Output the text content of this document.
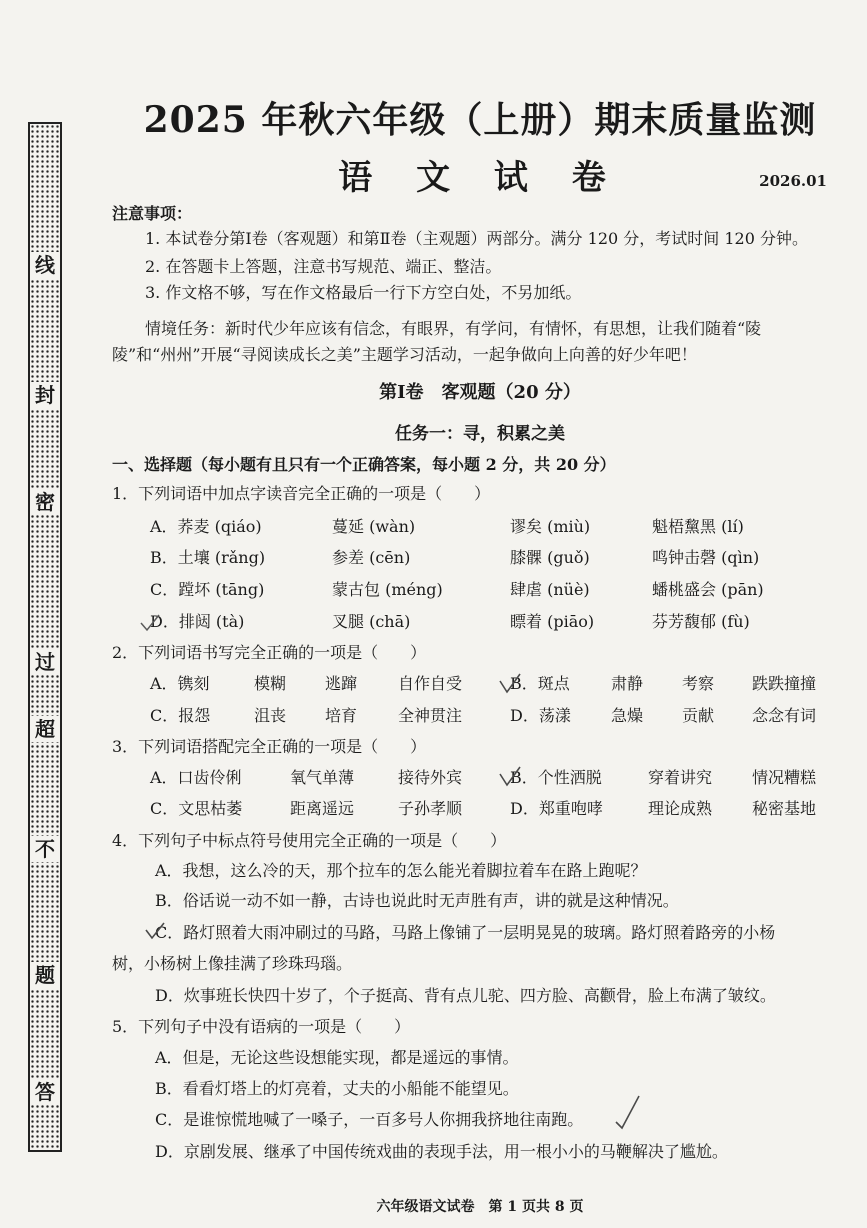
线
封
密
过
超
不
题
答
2025 年秋六年级（上册）期末质量监测
语 文 试 卷	2026.01
注意事项：
1. 本试卷分第Ⅰ卷（客观题）和第Ⅱ卷（主观题）两部分。满分 120 分，考试时间 120 分钟。
2. 在答题卡上答题，注意书写规范、端正、整洁。
3. 作文格不够，写在作文格最后一行下方空白处，不另加纸。
情境任务：新时代少年应该有信念，有眼界，有学问，有情怀，有思想，让我们随着“陵
陵”和“州州”开展“寻阅读成长之美”主题学习活动，一起争做向上向善的好少年吧！
第Ⅰ卷　客观题（20 分）
任务一：寻，积累之美
一、选择题（每小题有且只有一个正确答案，每小题 2 分，共 20 分）
1．下列词语中加点字读音完全正确的一项是（　　）
A．荞麦 (qiáo)	蔓延 (wàn)	谬矣 (miù)	魁梧黧黑 (lí)
B．土壤 (rǎng)	参差 (cēn)	膝髁 (guǒ)	鸣钟击磬 (qìn)
C．蹚坏 (tāng)	蒙古包 (méng)	肆虐 (nüè)	蟠桃盛会 (pān)
D．排闼 (tà)	叉腿 (chā)	瞟着 (piāo)	芬芳馥郁 (fù)
2．下列词语书写完全正确的一项是（　　）
A．镌刻	模糊 逃蹿	自作自受	B．斑点	肃静 考察 跌跌撞撞
C．报怨	沮丧 培育	全神贯注	D．荡漾	急燥 贡献 念念有词
3．下列词语搭配完全正确的一项是（　　）
A．口齿伶俐	氧气单薄	接待外宾	B．个性洒脱	穿着讲究 情况糟糕
C．文思枯萎	距离遥远	子孙孝顺	D．郑重咆哮	理论成熟 秘密基地
4．下列句子中标点符号使用完全正确的一项是（　　）
A．我想，这么冷的天，那个拉车的怎么能光着脚拉着车在路上跑呢？
B．俗话说一动不如一静，古诗也说此时无声胜有声，讲的就是这种情况。
C．路灯照着大雨冲刷过的马路，马路上像铺了一层明晃晃的玻璃。路灯照着路旁的小杨
树，小杨树上像挂满了珍珠玛瑙。
D．炊事班长快四十岁了，个子挺高、背有点儿驼、四方脸、高颧骨，脸上布满了皱纹。
5．下列句子中没有语病的一项是（　　）
A．但是，无论这些设想能实现，都是遥远的事情。
B．看看灯塔上的灯亮着，丈夫的小船能不能望见。
C．是谁惊慌地喊了一嗓子，一百多号人你拥我挤地往南跑。
D．京剧发展、继承了中国传统戏曲的表现手法，用一根小小的马鞭解决了尴尬。
六年级语文试卷　第 1 页共 8 页
